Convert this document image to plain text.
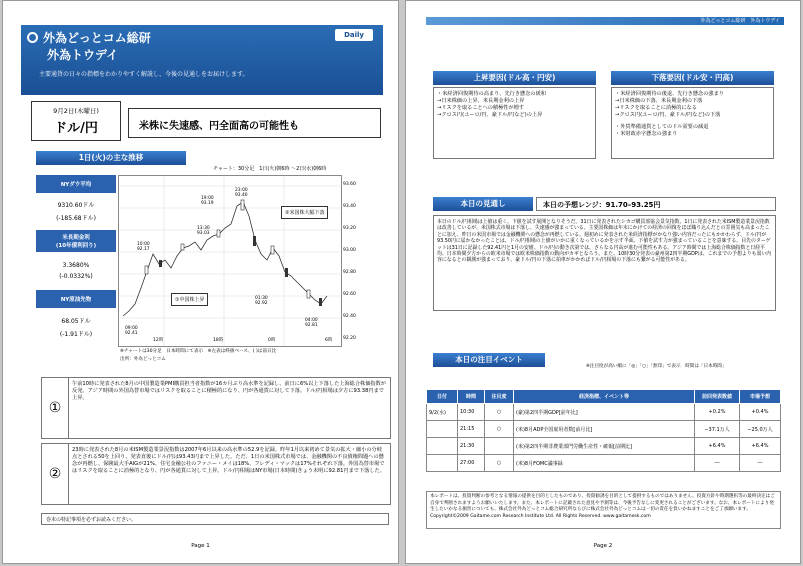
外為どっとコム総研
外為トウデイ
Daily
主要通貨の日々の指標をわかりやすく解説し、今後の見通しをお届けします。
9月2日(木曜日)
ドル/円	米株に失速感、円全面高の可能性も
1日(火)の主な推移
チャート：30分足　1日(火)朝6時 ～2日(水)朝6時
NYダウ平均
9310.60ドル
(-185.68ドル)
米長期金利
(10年債利回り)
3.3680%
(-0.0332%)
NY原油先物
68.05ドル
(-1.91ドル)
①中国株上昇
②米国株大幅下落
10:00
92.17
13:30
93.03
23:00
93.40
19:00
93.19
01:30
92.92
09:00
92.41
04:00
92.81
93.60
93.40
93.20
93.00
92.80
92.60
92.40
92.20
12時	18時	0時	6時
※チャートは30分足　日本時間にて表示　※左表は終値ベース、( )は前日比
出所：外為どっとコム
①
午前10時に発表された8月の中国製造業PMI購買担当者指数が16カ月ぶり高水準を記録し、前日に6%以上下落した上海総合株価指数が反発。アジア時間の外国為替市場ではリスクを取ることに積極的になり、円が各通貨に対して下落。ドル/円相場は夕方に93.38円まで上昇。
②
23時に発表された8月の米ISM製造業景況指数は2007年6月以来の高水準の52.9を記録。昨年1月以来初めて景気の拡大・縮小の分岐点とされる50を上回り、発表直後にドル/円は93.43円まで上昇した。ただ、1日の米国株式市場では、金融機関の不良債権問題への懸念が再燃し、保険最大手AIGが21%、住宅金融公社のファニー・メイは18%、フレディ・マックは17%それぞれ下落。外国為替市場ではリスクを取ることに消極的となり、円が各通貨に対して上昇。ドル/円相場はNY市場(日本時間)きょう未明に92.81円まで下落した。
巻末の特記事項を必ずお読みください。
Page 1
外為どっとコム総研　外為トウデイ
上昇要因(ドル高・円安)
・米経済回復期待の高まり、先行き懸念の緩和
→日米株価の上昇、米長期金利の上昇
→リスクを取ることへの積極性が増す
→クロス円(ユーロ/円、豪ドル/円など)の上昇
下落要因(ドル安・円高)
・米経済回復期待の後退、先行き懸念の強まり
→日米株価の下落、米長期金利の下落
→リスクを取ることに消極的になる
→クロス円(ユーロ/円、豪ドル/円など)の下落
・外貨準備通貨としてのドル需要の減退
・米財政赤字懸念の強まり
本日の見通し	本日の予想レンジ：91.70–93.25円
本日のドル/円相場は上値は重く、下値を試す展開となりそうだ。31日に発表されたシカゴ購買部協会景気指数、1日に発表された米ISM製造業景況指数は改善しているが、米国株式市場は下落し、失速感が強まっている。主要国株価は年末にかけての経済の回復をほぼ織り込んだとの雰囲気も高まったことに加え、昨日の米国市場では金融機関への懸念が再燃している。週初めに発表された米経済指標がかなり強い内容だったにもかかわらず、ドル/円が93.50円に届かなかったことは、ドル/円相場の上値がいかに重くなっているかを示す半面、下値を試す力が強まっていることを意味する。目先のターゲットは31日に記録した92.41円と1月の安値。ドル/円の動き次第では、さらなる円高が進む可能性もある。アジア時間では上海総合株価指数と日経平均、日本時間夕方からの欧米市場では欧米株価指数の動向がカギとなろう。また、10時30分発表の豪州第2四半期GDPは、これまでの予想よりも弱い内容になるとの観測が強まっており、豪ドル/円の下落に拍車がかかればドル/円相場の下落にも繋がる可能性がある。
本日の注目イベント
※注目度が高い順に「◎」「○」「無印」で表示　時間は「日本時間」
日付	時間	注目度	経済指標、イベント等	前回発表数値	市場予想
9/2(水)	10:30	○	(豪)第2四半期GDP[前年比]	+0.2%	+0.4%
	21:15	○	(米)8月ADP全国雇用者数[前月比]	−37.1万人	−25.0万人
	21:30		(米)第2四半期非農業部門労働生産性・確報[前期比]	+6.4%	+6.4%
	27:00	○	(米)8月FOMC議事録	―	―
本レポートは、投資判断の参考となる情報の提供を目的としたものであり、投資勧誘を目的として提供するものではありません。投資方針や時期選択等の最終決定はご自身で判断されますようお願いいたします。また、本レポートに記載された意見や予測等は、今後予告なしに変更されることがございます。なお、本レポートにより発生したいかなる損害についても、株式会社外為どっとコム総合研究所ならびに株式会社外為どっとコムは一切の責任を負いかねますことをご了承願います。
Copyright©2009 Gaitame.com Research Institute Ltd. All Rights Reserved. www.gaitamesk.com
Page 2
